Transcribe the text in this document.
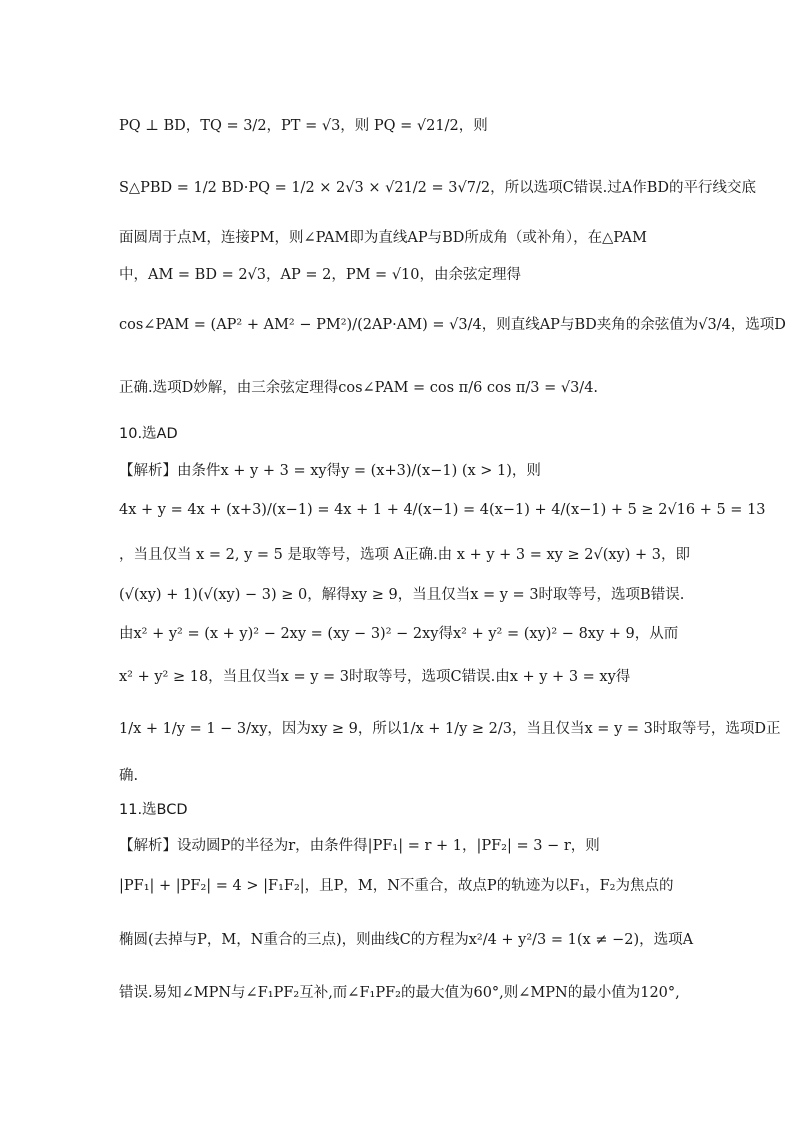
PQ ⊥ BD，TQ = 3/2，PT = √3，则 PQ = √21/2，则
S△PBD = 1/2 BD·PQ = 1/2 × 2√3 × √21/2 = 3√7/2，所以选项C错误.过A作BD的平行线交底
面圆周于点M，连接PM，则∠PAM即为直线AP与BD所成角（或补角），在△PAM
中，AM = BD = 2√3，AP = 2，PM = √10，由余弦定理得
cos∠PAM = (AP² + AM² − PM²)/(2AP·AM) = √3/4，则直线AP与BD夹角的余弦值为√3/4，选项D
正确.选项D妙解，由三余弦定理得cos∠PAM = cos π/6 cos π/3 = √3/4.
10.选AD
【解析】由条件x + y + 3 = xy得y = (x+3)/(x−1) (x > 1)，则
4x + y = 4x + (x+3)/(x−1) = 4x + 1 + 4/(x−1) = 4(x−1) + 4/(x−1) + 5 ≥ 2√16 + 5 = 13
，当且仅当 x = 2, y = 5 是取等号，选项 A正确.由 x + y + 3 = xy ≥ 2√(xy) + 3，即
(√(xy) + 1)(√(xy) − 3) ≥ 0，解得xy ≥ 9，当且仅当x = y = 3时取等号，选项B错误.
由x² + y² = (x + y)² − 2xy = (xy − 3)² − 2xy得x² + y² = (xy)² − 8xy + 9，从而
x² + y² ≥ 18，当且仅当x = y = 3时取等号，选项C错误.由x + y + 3 = xy得
1/x + 1/y = 1 − 3/xy，因为xy ≥ 9，所以1/x + 1/y ≥ 2/3，当且仅当x = y = 3时取等号，选项D正
确.
11.选BCD
【解析】设动圆P的半径为r，由条件得|PF₁| = r + 1，|PF₂| = 3 − r，则
|PF₁| + |PF₂| = 4 > |F₁F₂|，且P，M，N不重合，故点P的轨迹为以F₁，F₂为焦点的
椭圆(去掉与P，M，N重合的三点)，则曲线C的方程为x²/4 + y²/3 = 1(x ≠ −2)，选项A
错误.易知∠MPN与∠F₁PF₂互补,而∠F₁PF₂的最大值为60°,则∠MPN的最小值为120°,
